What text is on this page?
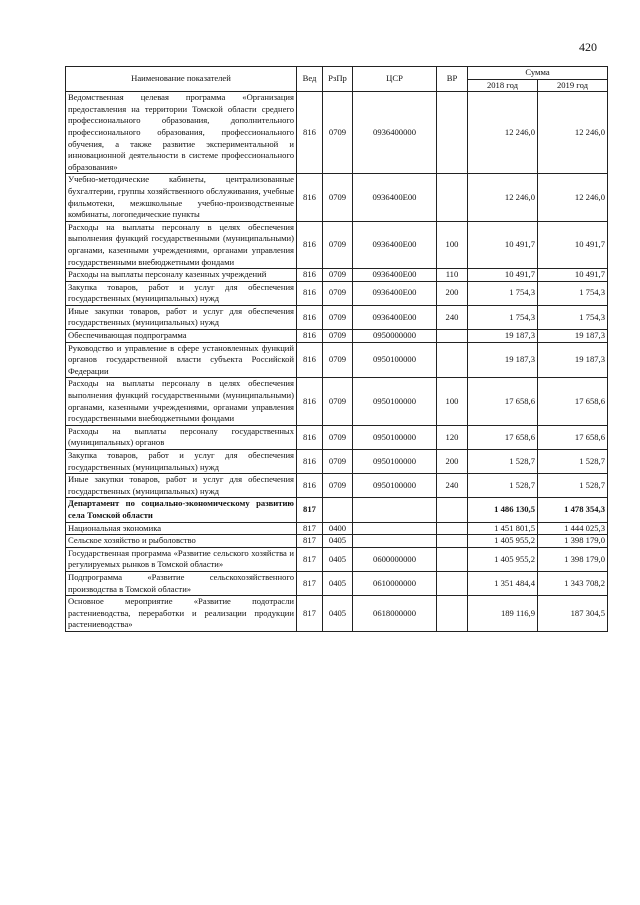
420
Наименование показателей	Вед	РзПр	ЦСР	ВР	Сумма	
					2018 год	2019 год
Ведомственная целевая программа «Организация предоставления на территории Томской области среднего профессионального образования, дополнительного профессионального образования, профессионального обучения, а также развитие экспериментальной и инновационной деятельности в системе профессионального образования»	816	0709	0936400000		12 246,0	12 246,0
Учебно-методические кабинеты, централизованные бухгалтерии, группы хозяйственного обслуживания, учебные фильмотеки, межшкольные учебно-производственные комбинаты, логопедические пункты	816	0709	0936400Е00		12 246,0	12 246,0
Расходы на выплаты персоналу в целях обеспечения выполнения функций государственными (муниципальными) органами, казенными учреждениями, органами управления государственными внебюджетными фондами	816	0709	0936400Е00	100	10 491,7	10 491,7
Расходы на выплаты персоналу казенных учреждений	816	0709	0936400Е00	110	10 491,7	10 491,7
Закупка товаров, работ и услуг для обеспечения государственных (муниципальных) нужд	816	0709	0936400Е00	200	1 754,3	1 754,3
Иные закупки товаров, работ и услуг для обеспечения государственных (муниципальных) нужд	816	0709	0936400Е00	240	1 754,3	1 754,3
Обеспечивающая подпрограмма	816	0709	0950000000		19 187,3	19 187,3
Руководство и управление в сфере установленных функций органов государственной власти субъекта Российской Федерации	816	0709	0950100000		19 187,3	19 187,3
Расходы на выплаты персоналу в целях обеспечения выполнения функций государственными (муниципальными) органами, казенными учреждениями, органами управления государственными внебюджетными фондами	816	0709	0950100000	100	17 658,6	17 658,6
Расходы на выплаты персоналу государственных (муниципальных) органов	816	0709	0950100000	120	17 658,6	17 658,6
Закупка товаров, работ и услуг для обеспечения государственных (муниципальных) нужд	816	0709	0950100000	200	1 528,7	1 528,7
Иные закупки товаров, работ и услуг для обеспечения государственных (муниципальных) нужд	816	0709	0950100000	240	1 528,7	1 528,7
Департамент по социально-экономическому развитию села Томской области	817				1 486 130,5	1 478 354,3
Национальная экономика	817	0400			1 451 801,5	1 444 025,3
Сельское хозяйство и рыболовство	817	0405			1 405 955,2	1 398 179,0
Государственная программа «Развитие сельского хозяйства и регулируемых рынков в Томской области»	817	0405	0600000000		1 405 955,2	1 398 179,0
Подпрограмма «Развитие сельскохозяйственного производства в Томской области»	817	0405	0610000000		1 351 484,4	1 343 708,2
Основное мероприятие «Развитие подотрасли растениеводства, переработки и реализации продукции растениеводства»	817	0405	0618000000		189 116,9	187 304,5
